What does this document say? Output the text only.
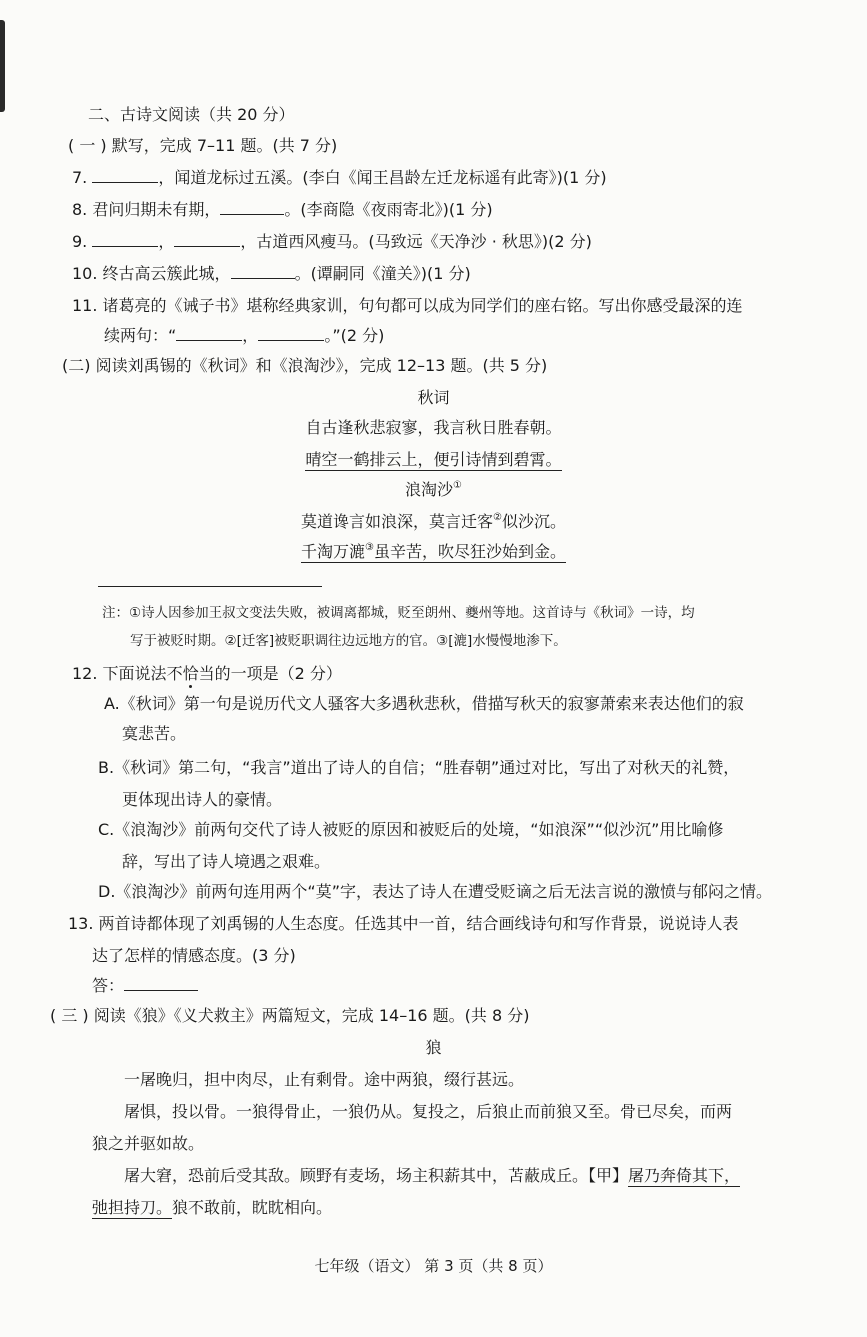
二、古诗文阅读（共 20 分）
( 一 ) 默写，完成 7–11 题。(共 7 分)
7.	，闻道龙标过五溪。(李白《闻王昌龄左迁龙标遥有此寄》)(1 分)
8. 君问归期未有期，	。(李商隐《夜雨寄北》)(1 分)
9.	，	，古道西风瘦马。(马致远《天净沙 · 秋思》)(2 分)
10. 终古高云簇此城，	。(谭嗣同《潼关》)(1 分)
11. 诸葛亮的《诫子书》堪称经典家训，句句都可以成为同学们的座右铭。写出你感受最深的连
续两句：“	，	。”(2 分)
(二) 阅读刘禹锡的《秋词》和《浪淘沙》，完成 12–13 题。(共 5 分)
秋词
自古逢秋悲寂寥，我言秋日胜春朝。
晴空一鹤排云上，便引诗情到碧霄。
浪淘沙①
莫道谗言如浪深，莫言迁客②似沙沉。
千淘万漉③虽辛苦，吹尽狂沙始到金。
注：①诗人因参加王叔文变法失败，被调离都城，贬至朗州、夔州等地。这首诗与《秋词》一诗，均
写于被贬时期。②[迁客]被贬职调往边远地方的官。③[漉]水慢慢地渗下。
12. 下面说法不恰当的一项是（2 分）
A.《秋词》第一句是说历代文人骚客大多遇秋悲秋，借描写秋天的寂寥萧索来表达他们的寂
寞悲苦。
B.《秋词》第二句，“我言”道出了诗人的自信；“胜春朝”通过对比，写出了对秋天的礼赞，
更体现出诗人的豪情。
C.《浪淘沙》前两句交代了诗人被贬的原因和被贬后的处境，“如浪深”“似沙沉”用比喻修
辞，写出了诗人境遇之艰难。
D.《浪淘沙》前两句连用两个“莫”字，表达了诗人在遭受贬谪之后无法言说的激愤与郁闷之情。
13. 两首诗都体现了刘禹锡的人生态度。任选其中一首，结合画线诗句和写作背景，说说诗人表
达了怎样的情感态度。(3 分)
答：
( 三 ) 阅读《狼》《义犬救主》两篇短文，完成 14–16 题。(共 8 分)
狼
一屠晚归，担中肉尽，止有剩骨。途中两狼，缀行甚远。
屠惧，投以骨。一狼得骨止，一狼仍从。复投之，后狼止而前狼又至。骨已尽矣，而两
狼之并驱如故。
屠大窘，恐前后受其敌。顾野有麦场，场主积薪其中，苫蔽成丘。【甲】屠乃奔倚其下，
弛担持刀。狼不敢前，眈眈相向。
七年级（语文） 第 3 页（共 8 页）
